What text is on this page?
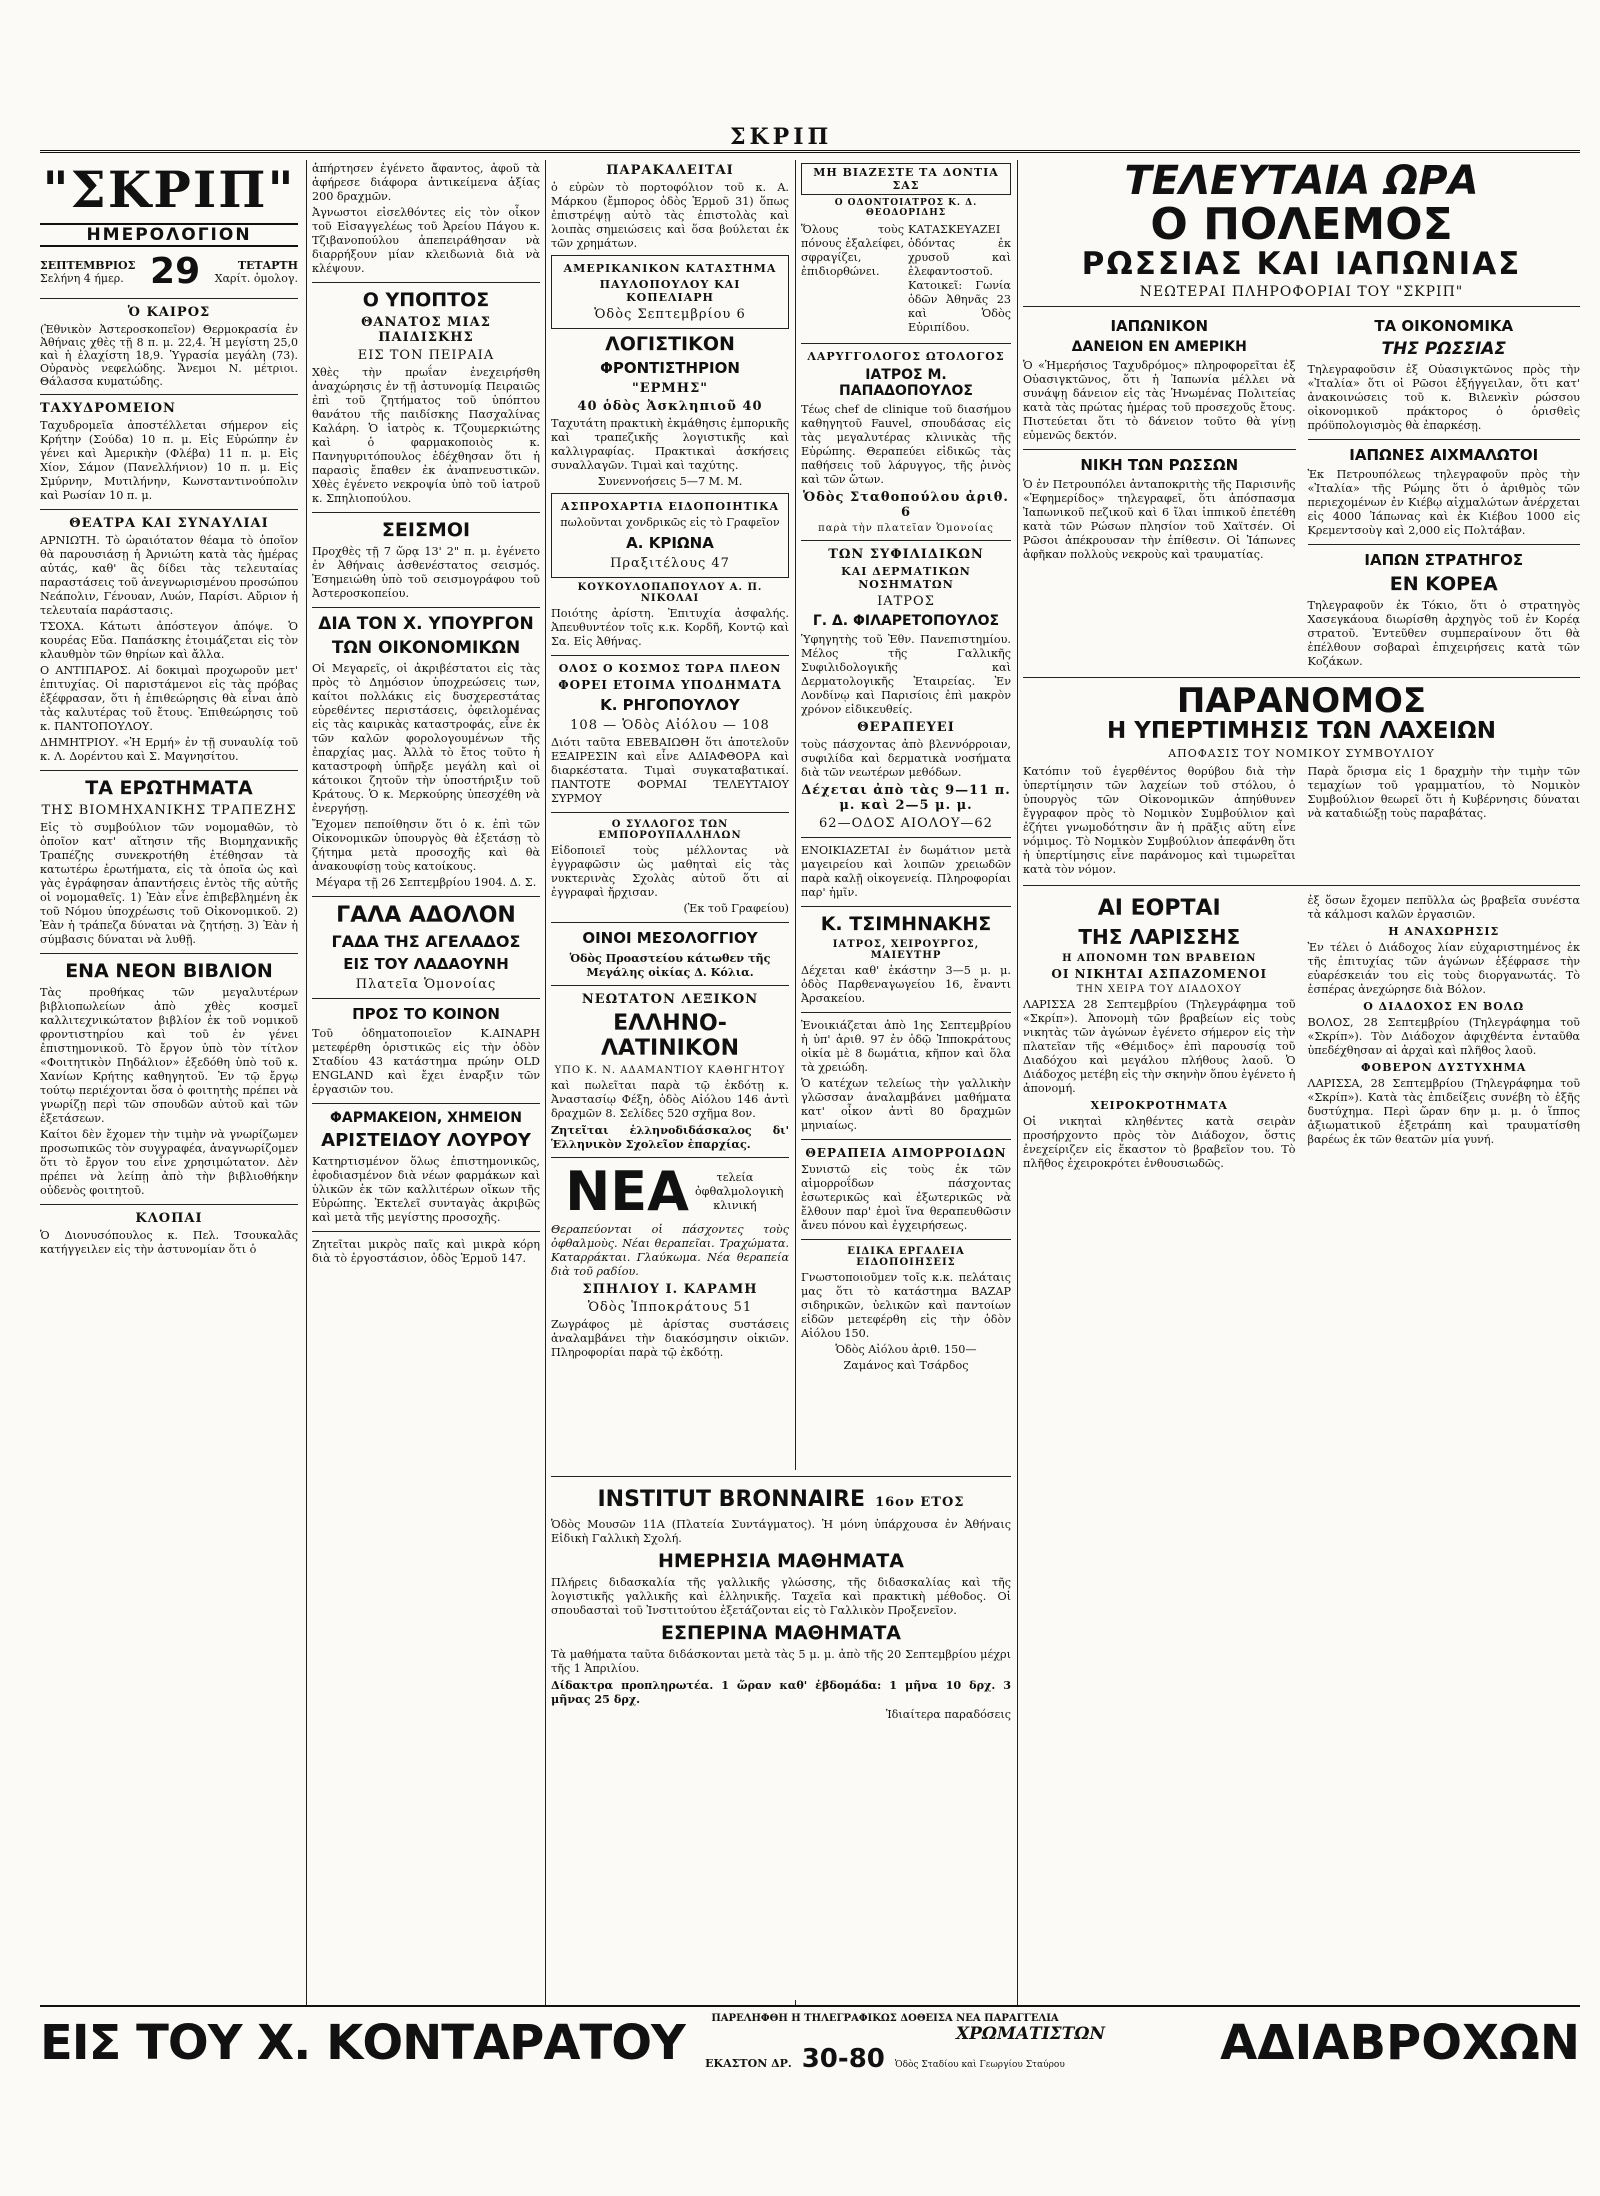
ΣΚΡΙΠ
"ΣΚΡΙΠ"
ΗΜΕΡΟΛΟΓΙΟΝ
ΣΕΠΤΕΜΒΡΙΟΣ
Σελήνη 4 ήμερ. 29	ΤΕΤΑΡΤΗ
Χαρίτ. ὁμολογ.
Ὁ ΚΑΙΡΟΣ
(Ἐθνικὸν Ἀστεροσκοπεῖον) Θερμοκρασία ἐν Ἀθήναις χθὲς τῇ 8 π. μ. 22,4. Ἡ μεγίστη 25,0 καὶ ἡ ἐλαχίστη 18,9. Ὑγρασία μεγάλη (73). Οὐρανὸς νεφελώδης. Ἄνεμοι Ν. μέτριοι. Θάλασσα κυματώδης.
ΤΑΧΥΔΡΟΜΕΙΟΝ
Ταχυδρομεῖα ἀποστέλλεται σήμερον εἰς Κρήτην (Σούδα) 10 π. μ. Εἰς Εὐρώπην ἐν γένει καὶ Ἀμερικὴν (Φλέβα) 11 π. μ. Εἰς Χίον, Σάμον (Πανελλήνιον) 10 π. μ. Εἰς Σμύρνην, Μυτιλήνην, Κωνσταντινούπολιν καὶ Ρωσίαν 10 π. μ.
ΘΕΑΤΡΑ ΚΑΙ ΣΥΝΑΥΛΙΑΙ
ΑΡΝΙΩΤΗ. Τὸ ὡραιότατον θέαμα τὸ ὁποῖον θὰ παρουσιάσῃ ἡ Ἀρνιώτη κατὰ τὰς ἡμέρας αὐτάς, καθ' ἃς δίδει τὰς τελευταίας παραστάσεις τοῦ ἀνεγνωρισμένου προσώπου Νεάπολιν, Γένουαν, Λυών, Παρίσι. Αὔριον ἡ τελευταία παράστασις.
ΤΣΟΧΑ. Κάτωτι ἀπόστεγον ἀπόψε. Ὁ κουρέας Εὔα. Παπάσκης ἑτοιμάζεται εἰς τὸν κλαυθμὸν τῶν θηρίων καὶ ἄλλα.
Ο ΑΝΤΙΠΑΡΟΣ. Αἱ δοκιμαὶ προχωροῦν μετ' ἐπιτυχίας. Οἱ παριστάμενοι εἰς τὰς πρόβας ἐξέφρασαν, ὅτι ἡ ἐπιθεώρησις θὰ εἶναι ἀπὸ τὰς καλυτέρας τοῦ ἔτους. Ἐπιθεώρησις τοῦ κ. ΠΑΝΤΟΠΟΥΛΟΥ.
ΔΗΜΗΤΡΙΟΥ. «Ἡ Ερμή» ἐν τῇ συναυλίᾳ τοῦ κ. Λ. Δορέντου καὶ Σ. Μαγνησίτου.
ΤΑ ΕΡΩΤΗΜΑΤΑ
ΤΗΣ ΒΙΟΜΗΧΑΝΙΚΗΣ ΤΡΑΠΕΖΗΣ
Εἰς τὸ συμβούλιον τῶν νομομαθῶν, τὸ ὁποῖον κατ' αἴτησιν τῆς Βιομηχανικῆς Τραπέζης συνεκροτήθη ἐτέθησαν τὰ κατωτέρω ἐρωτήματα, εἰς τὰ ὁποῖα ὡς καὶ γὰς ἐγράφησαν ἀπαντήσεις ἐντὸς τῆς αὐτῆς οἱ νομομαθεῖς. 1) Ἐὰν εἶνε ἐπιβεβλημένη ἐκ τοῦ Νόμου ὑποχρέωσις τοῦ Οἰκονομικοῦ. 2) Ἐὰν ἡ τράπεζα δύναται νὰ ζητήσῃ. 3) Ἐὰν ἡ σύμβασις δύναται νὰ λυθῇ.
ΕΝΑ ΝΕΟΝ ΒΙΒΛΙΟΝ
Τὰς προθήκας τῶν μεγαλυτέρων βιβλιοπωλείων ἀπὸ χθὲς κοσμεῖ καλλιτεχνικώτατον βιβλίον ἐκ τοῦ νομικοῦ φροντιστηρίου καὶ τοῦ ἐν γένει ἐπιστημονικοῦ. Τὸ ἔργον ὑπὸ τὸν τίτλον «Φοιτητικὸν Πηδάλιον» ἐξεδόθη ὑπὸ τοῦ κ. Χανίων Κρήτης καθηγητοῦ. Ἐν τῷ ἔργῳ τούτῳ περιέχονται ὅσα ὁ φοιτητὴς πρέπει νὰ γνωρίζῃ περὶ τῶν σπουδῶν αὐτοῦ καὶ τῶν ἐξετάσεων.
Καίτοι δὲν ἔχομεν τὴν τιμὴν νὰ γνωρίζωμεν προσωπικῶς τὸν συγγραφέα, ἀναγνωρίζομεν ὅτι τὸ ἔργον του εἶνε χρησιμώτατον. Δὲν πρέπει νὰ λείπῃ ἀπὸ τὴν βιβλιοθήκην οὐδενὸς φοιτητοῦ.
ΚΛΟΠΑΙ
Ὁ Διονυσόπουλος κ. Πελ. Τσουκαλᾶς κατήγγειλεν εἰς τὴν ἀστυνομίαν ὅτι ὁ
ἀπήρτησεν ἐγένετο ἄφαντος, ἀφοῦ τὰ ἀφήρεσε διάφορα ἀντικείμενα ἀξίας 200 δραχμῶν.
Ἀγνωστοι εἰσελθόντες εἰς τὸν οἶκον τοῦ Εἰσαγγελέως τοῦ Ἀρείου Πάγου κ. Τζιβανοπούλου ἀπεπειράθησαν νὰ διαρρήξουν μίαν κλειδωνιὰ διὰ νὰ κλέψουν.
Ο ΥΠΟΠΤΟΣ
ΘΑΝΑΤΟΣ ΜΙΑΣ ΠΑΙΔΙΣΚΗΣ
ΕΙΣ ΤΟΝ ΠΕΙΡΑΙΑ
Χθὲς τὴν πρωΐαν ἐνεχειρήσθη ἀναχώρησις ἐν τῇ ἀστυνομίᾳ Πειραιῶς ἐπὶ τοῦ ζητήματος τοῦ ὑπόπτου θανάτου τῆς παιδίσκης Πασχαλίνας Καλάρη. Ὁ ἰατρὸς κ. Τζουμερκιώτης καὶ ὁ φαρμακοποιὸς κ. Πανηγυριτόπουλος ἐδέχθησαν ὅτι ἡ παρασὶς ἔπαθεν ἐκ ἀναπνευστικῶν. Χθὲς ἐγένετο νεκροψία ὑπὸ τοῦ ἰατροῦ κ. Σπηλιοπούλου.
ΣΕΙΣΜΟΙ
Προχθὲς τῇ 7 ὥρᾳ 13' 2" π. μ. ἐγένετο ἐν Ἀθήναις ἀσθενέστατος σεισμός. Ἐσημειώθη ὑπὸ τοῦ σεισμογράφου τοῦ Ἀστεροσκοπείου.
ΔΙΑ ΤΟΝ Χ. ΥΠΟΥΡΓΟΝ
ΤΩΝ ΟΙΚΟΝΟΜΙΚΩΝ
Οἱ Μεγαρεῖς, οἱ ἀκριβέστατοι εἰς τὰς πρὸς τὸ Δημόσιον ὑποχρεώσεις των, καίτοι πολλάκις εἰς δυσχερεστάτας εὑρεθέντες περιστάσεις, ὀφειλομένας εἰς τὰς καιρικὰς καταστροφάς, εἶνε ἐκ τῶν καλῶν φορολογουμένων τῆς ἐπαρχίας μας. Ἀλλὰ τὸ ἔτος τοῦτο ἡ καταστροφὴ ὑπῆρξε μεγάλη καὶ οἱ κάτοικοι ζητοῦν τὴν ὑποστήριξιν τοῦ Κράτους. Ὁ κ. Μερκούρης ὑπεσχέθη νὰ ἐνεργήσῃ.
Ἔχομεν πεποίθησιν ὅτι ὁ κ. ἐπὶ τῶν Οἰκονομικῶν ὑπουργὸς θὰ ἐξετάσῃ τὸ ζήτημα μετὰ προσοχῆς καὶ θὰ ἀνακουφίσῃ τοὺς κατοίκους.
Μέγαρα τῇ 26 Σεπτεμβρίου 1904. Δ. Σ.
ΓΑΛΑ ΑΔΟΛΟΝ
ΓΑΔΑ ΤΗΣ ΑΓΕΛΑΔΟΣ
ΕΙΣ ΤΟΥ ΛΑΔΑΟΥΝΗ
Πλατεῖα Ὁμονοίας
ΠΡΟΣ ΤΟ ΚΟΙΝΟΝ
Τοῦ ὁδηματοποιεῖον Κ.ΑΙΝΑΡΗ μετεφέρθη ὁριστικῶς εἰς τὴν ὁδὸν Σταδίου 43 κατάστημα πρώην OLD ENGLAND καὶ ἔχει ἐναρξιν τῶν ἐργασιῶν του.
ΦΑΡΜΑΚΕΙΟΝ, ΧΗΜΕΙΟΝ
ΑΡΙΣΤΕΙΔΟΥ ΛΟΥΡΟΥ
Κατηρτισμένον ὅλως ἐπιστημονικῶς, ἐφοδιασμένον διὰ νέων φαρμάκων καὶ ὑλικῶν ἐκ τῶν καλλιτέρων οἴκων τῆς Εὐρώπης. Ἐκτελεῖ συνταγὰς ἀκριβῶς καὶ μετὰ τῆς μεγίστης προσοχῆς.
Ζητεῖται μικρὸς παῖς καὶ μικρὰ κόρη διὰ τὸ ἐργοστάσιον, ὁδὸς Ἑρμοῦ 147.
ΠΑΡΑΚΑΛΕΙΤΑΙ
ὁ εὑρὼν τὸ πορτοφόλιον τοῦ κ. Α. Μάρκου (ἔμπορος ὁδὸς Ἑρμοῦ 31) ὅπως ἐπιστρέψῃ αὐτὸ τὰς ἐπιστολὰς καὶ λοιπὰς σημειώσεις καὶ ὅσα βούλεται ἐκ τῶν χρημάτων.
ΑΜΕΡΙΚΑΝΙΚΟΝ ΚΑΤΑΣΤΗΜΑ
ΠΑΥΛΟΠΟΥΛΟΥ ΚΑΙ ΚΟΠΕΛΙΑΡΗ
Ὁδὸς Σεπτεμβρίου 6
ΛΟΓΙΣΤΙΚΟΝ
ΦΡΟΝΤΙΣΤΗΡΙΟΝ
"ΕΡΜΗΣ"
40 ὁδὸς Ἀσκληπιοῦ 40
Ταχυτάτη πρακτικὴ ἐκμάθησις ἐμπορικῆς καὶ τραπεζικῆς λογιστικῆς καὶ καλλιγραφίας. Πρακτικαὶ ἀσκήσεις συναλλαγῶν. Τιμαὶ καὶ ταχύτης.
Συνεννοήσεις 5—7 Μ. Μ.
ΑΣΠΡΟΧΑΡΤΙΑ ΕΙΔΟΠΟΙΗΤΙΚΑ
πωλοῦνται χονδρικῶς εἰς τὸ Γραφεῖον
Α. ΚΡΙΩΝΑ
Πραξιτέλους 47
ΚΟΥΚΟΥΛΟΠΑΠΟΥΛΟΥ Α. Π. ΝΙΚΟΛΑΙ
Ποιότης ἀρίστη. Ἐπιτυχία ἀσφαλής. Ἀπευθυντέον τοῖς κ.κ. Κορδῆ, Κοντῷ καὶ Σα. Εἰς Ἀθήνας.
ΟΛΟΣ Ο ΚΟΣΜΟΣ ΤΩΡΑ ΠΛΕΟΝ
ΦΟΡΕΙ ΕΤΟΙΜΑ ΥΠΟΔΗΜΑΤΑ
Κ. ΡΗΓΟΠΟΥΛΟΥ
108 — Ὁδὸς Αἰόλου — 108
Διότι ταῦτα ΕΒΕΒΑΙΩΘΗ ὅτι ἀποτελοῦν ΕΞΑΙΡΕΣΙΝ καὶ εἶνε ΑΔΙΑΦΘΟΡΑ καὶ διαρκέστατα. Τιμαὶ συγκαταβατικαί. ΠΑΝΤΟΤΕ ΦΟΡΜΑΙ ΤΕΛΕΥΤΑΙΟΥ ΣΥΡΜΟΥ
Ο ΣΥΛΛΟΓΟΣ ΤΩΝ ΕΜΠΟΡΟΥΠΑΛΛΗΛΩΝ
Εἰδοποιεῖ τοὺς μέλλοντας νὰ ἐγγραφῶσιν ὡς μαθηταὶ εἰς τὰς νυκτερινὰς Σχολὰς αὐτοῦ ὅτι αἱ ἐγγραφαὶ ἤρχισαν.
(Ἐκ τοῦ Γραφείου)
ΟΙΝΟΙ ΜΕΣΟΛΟΓΓΙΟΥ
Ὁδὸς Προαστείου κάτωθεν τῆς Μεγάλης οἰκίας Δ. Κόλια.
ΝΕΩΤΑΤΟΝ ΛΕΞΙΚΟΝ
ΕΛΛΗΝΟ-ΛΑΤΙΝΙΚΟΝ
ΥΠΟ Κ. Ν. ΑΔΑΜΑΝΤΙΟΥ ΚΑΘΗΓΗΤΟΥ
καὶ πωλεῖται παρὰ τῷ ἐκδότῃ κ. Ἀναστασίῳ Φέξη, ὁδὸς Αἰόλου 146 ἀντὶ δραχμῶν 8. Σελίδες 520 σχῆμα 8ον.
Ζητεῖται ἑλληνοδιδάσκαλος δι' Ἑλληνικὸν Σχολεῖον ἐπαρχίας.
ΝΕΑ	τελεία ὀφθαλμολογικὴ κλινική
Θεραπεύονται οἱ πάσχοντες τοὺς ὀφθαλμοὺς. Νέαι θεραπεῖαι. Τραχώματα. Καταρράκται. Γλαύκωμα. Νέα θεραπεία διὰ τοῦ ραδίου.
ΣΠΗΛΙΟΥ Ι. ΚΑΡΑΜΗ
Ὁδὸς Ἱπποκράτους 51
Ζωγράφος μὲ ἀρίστας συστάσεις ἀναλαμβάνει τὴν διακόσμησιν οἰκιῶν. Πληροφορίαι παρὰ τῷ ἐκδότῃ.
ΜΗ ΒΙΑΖΕΣΤΕ ΤΑ ΔΟΝΤΙΑ ΣΑΣ
Ο ΟΔΟΝΤΟΙΑΤΡΟΣ Κ. Δ. ΘΕΟΔΟΡΙΔΗΣ
Ὅλους τοὺς πόνους ἐξαλείφει, σφραγίζει, ἐπιδιορθώνει.
ΚΑΤΑΣΚΕΥΑΖΕΙ ὀδόντας ἐκ χρυσοῦ καὶ ἐλεφαντοστοῦ. Κατοικεῖ: Γωνία ὁδῶν Ἀθηνᾶς 23 καὶ Ὁδὸς Εὐριπίδου.
ΛΑΡΥΓΓΟΛΟΓΟΣ ΩΤΟΛΟΓΟΣ
ΙΑΤΡΟΣ Μ. ΠΑΠΑΔΟΠΟΥΛΟΣ
Τέως chef de clinique τοῦ διασήμου καθηγητοῦ Fauvel, σπουδάσας εἰς τὰς μεγαλυτέρας κλινικὰς τῆς Εὐρώπης. Θεραπεύει εἰδικῶς τὰς παθήσεις τοῦ λάρυγγος, τῆς ῥινὸς καὶ τῶν ὤτων.
Ὁδὸς Σταθοπούλου ἀριθ. 6
παρὰ τὴν πλατεῖαν Ὁμονοίας
ΤΩΝ ΣΥΦΙΛΙΔΙΚΩΝ
ΚΑΙ ΔΕΡΜΑΤΙΚΩΝ ΝΟΣΗΜΑΤΩΝ
ΙΑΤΡΟΣ
Γ. Δ. ΦΙΛΑΡΕΤΟΠΟΥΛΟΣ
Ὑφηγητὴς τοῦ Ἐθν. Πανεπιστημίου. Μέλος τῆς Γαλλικῆς Συφιλιδολογικῆς καὶ Δερματολογικῆς Ἑταιρείας. Ἐν Λονδίνῳ καὶ Παρισίοις ἐπὶ μακρὸν χρόνον εἰδικευθείς.
ΘΕΡΑΠΕΥΕΙ
τοὺς πάσχοντας ἀπὸ βλεννόρροιαν, συφιλίδα καὶ δερματικὰ νοσήματα διὰ τῶν νεωτέρων μεθόδων.
Δέχεται ἀπὸ τὰς 9—11 π. μ. καὶ 2—5 μ. μ.
62—ΟΔΟΣ ΑΙΟΛΟΥ—62
ΕΝΟΙΚΙΑΖΕΤΑΙ ἐν δωμάτιον μετὰ μαγειρείου καὶ λοιπῶν χρειωδῶν παρὰ καλῇ οἰκογενείᾳ. Πληροφορίαι παρ' ἡμῖν.
Κ. ΤΣΙΜΗΝΑΚΗΣ
ΙΑΤΡΟΣ, ΧΕΙΡΟΥΡΓΟΣ, ΜΑΙΕΥΤΗΡ
Δέχεται καθ' ἑκάστην 3—5 μ. μ. ὁδὸς Παρθεναγωγείου 16, ἔναντι Ἀρσακείου.
Ἐνοικιάζεται ἀπὸ 1ης Σεπτεμβρίου ἡ ὑπ' ἀριθ. 97 ἐν ὁδῷ Ἱπποκράτους οἰκία μὲ 8 δωμάτια, κῆπον καὶ ὅλα τὰ χρειώδη.
Ὁ κατέχων τελείως τὴν γαλλικὴν γλῶσσαν ἀναλαμβάνει μαθήματα κατ' οἶκον ἀντὶ 80 δραχμῶν μηνιαίως.
ΘΕΡΑΠΕΙΑ ΑΙΜΟΡΡΟΙΔΩΝ
Συνιστῶ εἰς τοὺς ἐκ τῶν αἱμορροΐδων πάσχοντας ἐσωτερικῶς καὶ ἐξωτερικῶς νὰ ἔλθουν παρ' ἐμοὶ ἵνα θεραπευθῶσιν ἄνευ πόνου καὶ ἐγχειρήσεως.
ΕΙΔΙΚΑ ΕΡΓΑΛΕΙΑ ΕΙΔΟΠΟΙΗΣΕΙΣ
Γνωστοποιοῦμεν τοῖς κ.κ. πελάταις μας ὅτι τὸ κατάστημα ΒΑΖΑΡ σιδηρικῶν, ὑελικῶν καὶ παντοίων εἰδῶν μετεφέρθη εἰς τὴν ὁδὸν Αἰόλου 150.
Ὁδὸς Αἰόλου ἀριθ. 150—
Ζαμάνος καὶ Τσάρδος
INSTITUT BRONNAIRE 16ον ΕΤΟΣ
Ὁδὸς Μουσῶν 11Α (Πλατεία Συντάγματος). Ἡ μόνη ὑπάρχουσα ἐν Ἀθήναις Εἰδικὴ Γαλλικὴ Σχολή.
ΗΜΕΡΗΣΙΑ ΜΑΘΗΜΑΤΑ
Πλήρεις διδασκαλία τῆς γαλλικῆς γλώσσης, τῆς διδασκαλίας καὶ τῆς λογιστικῆς γαλλικῆς καὶ ἑλληνικῆς. Ταχεῖα καὶ πρακτικὴ μέθοδος. Οἱ σπουδασταὶ τοῦ Ἰνστιτούτου ἐξετάζονται εἰς τὸ Γαλλικὸν Προξενεῖον.
ΕΣΠΕΡΙΝΑ ΜΑΘΗΜΑΤΑ
Τὰ μαθήματα ταῦτα διδάσκονται μετὰ τὰς 5 μ. μ. ἀπὸ τῆς 20 Σεπτεμβρίου μέχρι τῆς 1 Ἀπριλίου.
Δίδακτρα προπληρωτέα. 1 ὥραν καθ' ἑβδομάδα: 1 μῆνα 10 δρχ. 3 μῆνας 25 δρχ.
Ἰδιαίτερα παραδόσεις
ΤΕΛΕΥΤΑΙΑ ΩΡΑ
Ο ΠΟΛΕΜΟΣ
ΡΩΣΣΙΑΣ ΚΑΙ ΙΑΠΩΝΙΑΣ
ΝΕΩΤΕΡΑΙ ΠΛΗΡΟΦΟΡΙΑΙ ΤΟΥ "ΣΚΡΙΠ"
ΙΑΠΩΝΙΚΟΝ
ΔΑΝΕΙΟΝ ΕΝ ΑΜΕΡΙΚΗ
Ὁ «Ἡμερήσιος Ταχυδρόμος» πληροφορεῖται ἐξ Οὐασιγκτῶνος, ὅτι ἡ Ἰαπωνία μέλλει νὰ συνάψῃ δάνειον εἰς τὰς Ἡνωμένας Πολιτείας κατὰ τὰς πρώτας ἡμέρας τοῦ προσεχοῦς ἔτους. Πιστεύεται ὅτι τὸ δάνειον τοῦτο θὰ γίνῃ εὐμενῶς δεκτόν.
ΝΙΚΗ ΤΩΝ ΡΩΣΣΩΝ
Ὁ ἐν Πετρουπόλει ἀνταποκριτὴς τῆς Παρισινῆς «Ἐφημερίδος» τηλεγραφεῖ, ὅτι ἀπόσπασμα Ἰαπωνικοῦ πεζικοῦ καὶ 6 ἴλαι ἱππικοῦ ἐπετέθη κατὰ τῶν Ρώσων πλησίον τοῦ Χαϊτσέν. Οἱ Ρῶσοι ἀπέκρουσαν τὴν ἐπίθεσιν. Οἱ Ἰάπωνες ἀφῆκαν πολλοὺς νεκροὺς καὶ τραυματίας.
ΤΑ ΟΙΚΟΝΟΜΙΚΑ
ΤΗΣ ΡΩΣΣΙΑΣ
Τηλεγραφοῦσιν ἐξ Οὐασιγκτῶνος πρὸς τὴν «Ἰταλία» ὅτι οἱ Ρῶσοι ἐξήγγειλαν, ὅτι κατ' ἀνακοινώσεις τοῦ κ. Βιλενκὶν ρώσσου οἰκονομικοῦ πράκτορος ὁ ὁρισθεὶς πρόϋπολογισμὸς θὰ ἐπαρκέσῃ.
ΙΑΠΩΝΕΣ ΑΙΧΜΑΛΩΤΟΙ
Ἐκ Πετρουπόλεως τηλεγραφοῦν πρὸς τὴν «Ἰταλία» τῆς Ρώμης ὅτι ὁ ἀριθμὸς τῶν περιεχομένων ἐν Κιέβῳ αἰχμαλώτων ἀνέρχεται εἰς 4000 Ἰάπωνας καὶ ἐκ Κιέβου 1000 εἰς Κρεμεντσοὺγ καὶ 2,000 εἰς Πολτάβαν.
ΙΑΠΩΝ ΣΤΡΑΤΗΓΟΣ
ΕΝ ΚΟΡΕΑ
Τηλεγραφοῦν ἐκ Τόκιο, ὅτι ὁ στρατηγὸς Χασεγκάουα διωρίσθη ἀρχηγὸς τοῦ ἐν Κορέᾳ στρατοῦ. Ἐντεῦθεν συμπεραίνουν ὅτι θὰ ἐπέλθουν σοβαραὶ ἐπιχειρήσεις κατὰ τῶν Κοζάκων.
ΠΑΡΑΝΟΜΟΣ
Η ΥΠΕΡΤΙΜΗΣΙΣ ΤΩΝ ΛΑΧΕΙΩΝ
ΑΠΟΦΑΣΙΣ ΤΟΥ ΝΟΜΙΚΟΥ ΣΥΜΒΟΥΛΙΟΥ
Κατόπιν τοῦ ἐγερθέντος θορύβου διὰ τὴν ὑπερτίμησιν τῶν λαχείων τοῦ στόλου, ὁ ὑπουργὸς τῶν Οἰκονομικῶν ἀπηύθυνεν ἔγγραφον πρὸς τὸ Νομικὸν Συμβούλιον καὶ ἐζήτει γνωμοδότησιν ἂν ἡ πρᾶξις αὕτη εἶνε νόμιμος. Τὸ Νομικὸν Συμβούλιον ἀπεφάνθη ὅτι ἡ ὑπερτίμησις εἶνε παράνομος καὶ τιμωρεῖται κατὰ τὸν νόμον.
Παρὰ ὅρισμα εἰς 1 δραχμὴν τὴν τιμὴν τῶν τεμαχίων τοῦ γραμματίου, τὸ Νομικὸν Συμβούλιον θεωρεῖ ὅτι ἡ Κυβέρνησις δύναται νὰ καταδιώξῃ τοὺς παραβάτας.
ΑΙ ΕΟΡΤΑΙ
ΤΗΣ ΛΑΡΙΣΣΗΣ
Η ΑΠΟΝΟΜΗ ΤΩΝ ΒΡΑΒΕΙΩΝ
ΟΙ ΝΙΚΗΤΑΙ ΑΣΠΑΖΟΜΕΝΟΙ
ΤΗΝ ΧΕΙΡΑ ΤΟΥ ΔΙΑΔΟΧΟΥ
ΛΑΡΙΣΣΑ 28 Σεπτεμβρίου (Τηλεγράφημα τοῦ «Σκρίπ»). Ἀπονομὴ τῶν βραβείων εἰς τοὺς νικητὰς τῶν ἀγώνων ἐγένετο σήμερον εἰς τὴν πλατεῖαν τῆς «Θέμιδος» ἐπὶ παρουσίᾳ τοῦ Διαδόχου καὶ μεγάλου πλήθους λαοῦ. Ὁ Διάδοχος μετέβη εἰς τὴν σκηνὴν ὅπου ἐγένετο ἡ ἀπονομή.
ΧΕΙΡΟΚΡΟΤΗΜΑΤΑ
Οἱ νικηταὶ κληθέντες κατὰ σειρὰν προσήρχοντο πρὸς τὸν Διάδοχον, ὅστις ἐνεχείριζεν εἰς ἕκαστον τὸ βραβεῖον του. Τὸ πλῆθος ἐχειροκρότει ἐνθουσιωδῶς.
ἐξ ὅσων ἔχομεν πεπῦλλα ὡς βραβεῖα συνέστα τὰ κάλμοσι καλῶν ἐργασιῶν.
Η ΑΝΑΧΩΡΗΣΙΣ
Ἐν τέλει ὁ Διάδοχος λίαν εὐχαριστημένος ἐκ τῆς ἐπιτυχίας τῶν ἀγώνων ἐξέφρασε τὴν εὐαρέσκειάν του εἰς τοὺς διοργανωτάς. Τὸ ἑσπέρας ἀνεχώρησε διὰ Βόλον.
Ο ΔΙΑΔΟΧΟΣ ΕΝ ΒΟΛΩ
ΒΟΛΟΣ, 28 Σεπτεμβρίου (Τηλεγράφημα τοῦ «Σκρίπ»). Τὸν Διάδοχον ἀφιχθέντα ἐνταῦθα ὑπεδέχθησαν αἱ ἀρχαὶ καὶ πλῆθος λαοῦ.
ΦΟΒΕΡΟΝ ΔΥΣΤΥΧΗΜΑ
ΛΑΡΙΣΣΑ, 28 Σεπτεμβρίου (Τηλεγράφημα τοῦ «Σκρίπ»). Κατὰ τὰς ἐπιδείξεις συνέβη τὸ ἑξῆς δυστύχημα. Περὶ ὥραν 6ην μ. μ. ὁ ἵππος ἀξιωματικοῦ ἐξετράπη καὶ τραυματίσθη βαρέως ἐκ τῶν θεατῶν μία γυνή.
ΕΙΣ ΤΟΥ Χ. ΚΟΝΤΑΡΑΤΟΥ	ΠΑΡΕΛΗΦΘΗ Η ΤΗΛΕΓΡΑΦΙΚΩΣ ΔΟΘΕΙΣΑ ΝΕΑ ΠΑΡΑΓΓΕΛΙΑ
ΧΡΩΜΑΤΙΣΤΩΝ
ΕΚΑΣΤΟΝ ΔΡ. 30-80 Ὁδὸς Σταδίου καὶ Γεωργίου Σταύρου	ΑΔΙΑΒΡΟΧΩΝ
